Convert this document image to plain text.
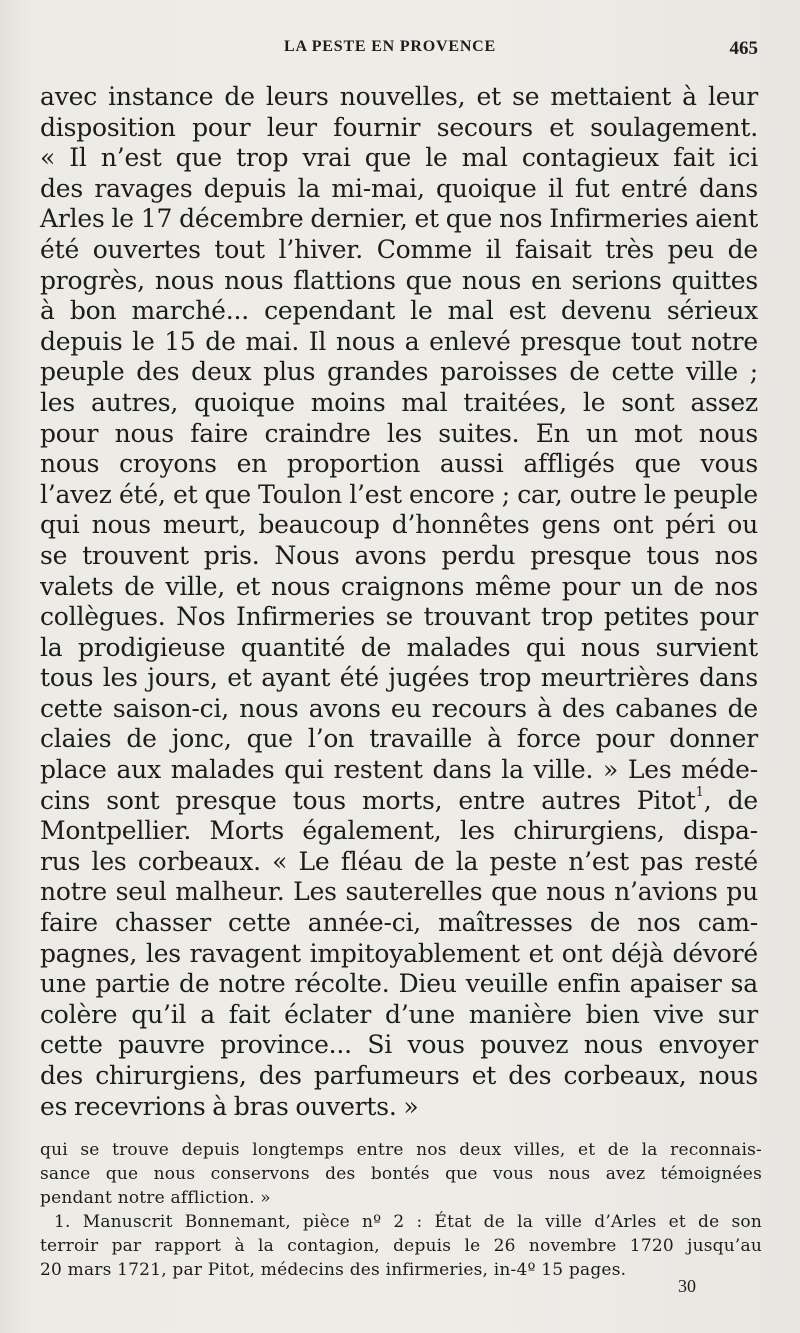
LA PESTE EN PROVENCE	465
avec instance de leurs nouvelles, et se mettaient à leur
disposition pour leur fournir secours et soulagement.
« Il n’est que trop vrai que le mal contagieux fait ici
des ravages depuis la mi-mai, quoique il fut entré dans
Arles le 17 décembre dernier, et que nos Infirmeries aient
été ouvertes tout l’hiver. Comme il faisait très peu de
progrès, nous nous flattions que nous en serions quittes
à bon marché... cependant le mal est devenu sérieux
depuis le 15 de mai. Il nous a enlevé presque tout notre
peuple des deux plus grandes paroisses de cette ville ;
les autres, quoique moins mal traitées, le sont assez
pour nous faire craindre les suites. En un mot nous
nous croyons en proportion aussi affligés que vous
l’avez été, et que Toulon l’est encore ; car, outre le peuple
qui nous meurt, beaucoup d’honnêtes gens ont péri ou
se trouvent pris. Nous avons perdu presque tous nos
valets de ville, et nous craignons même pour un de nos
collègues. Nos Infirmeries se trouvant trop petites pour
la prodigieuse quantité de malades qui nous survient
tous les jours, et ayant été jugées trop meurtrières dans
cette saison-ci, nous avons eu recours à des cabanes de
claies de jonc, que l’on travaille à force pour donner
place aux malades qui restent dans la ville. » Les méde-
cins sont presque tous morts, entre autres Pitot$^1$, de
Montpellier. Morts également, les chirurgiens, dispa-
rus les corbeaux. « Le fléau de la peste n’est pas resté
notre seul malheur. Les sauterelles que nous n’avions pu
faire chasser cette année-ci, maîtresses de nos cam-
pagnes, les ravagent impitoyablement et ont déjà dévoré
une partie de notre récolte. Dieu veuille enfin apaiser sa
colère qu’il a fait éclater d’une manière bien vive sur
cette pauvre province... Si vous pouvez nous envoyer
des chirurgiens, des parfumeurs et des corbeaux, nous
es recevrions à bras ouverts. »
qui se trouve depuis longtemps entre nos deux villes, et de la reconnais-
sance que nous conservons des bontés que vous nous avez témoignées
pendant notre affliction. »
1. Manuscrit Bonnemant, pièce nº 2 : État de la ville d’Arles et de son
terroir par rapport à la contagion, depuis le 26 novembre 1720 jusqu’au
20 mars 1721, par Pitot, médecins des infirmeries, in-4º 15 pages.
30
